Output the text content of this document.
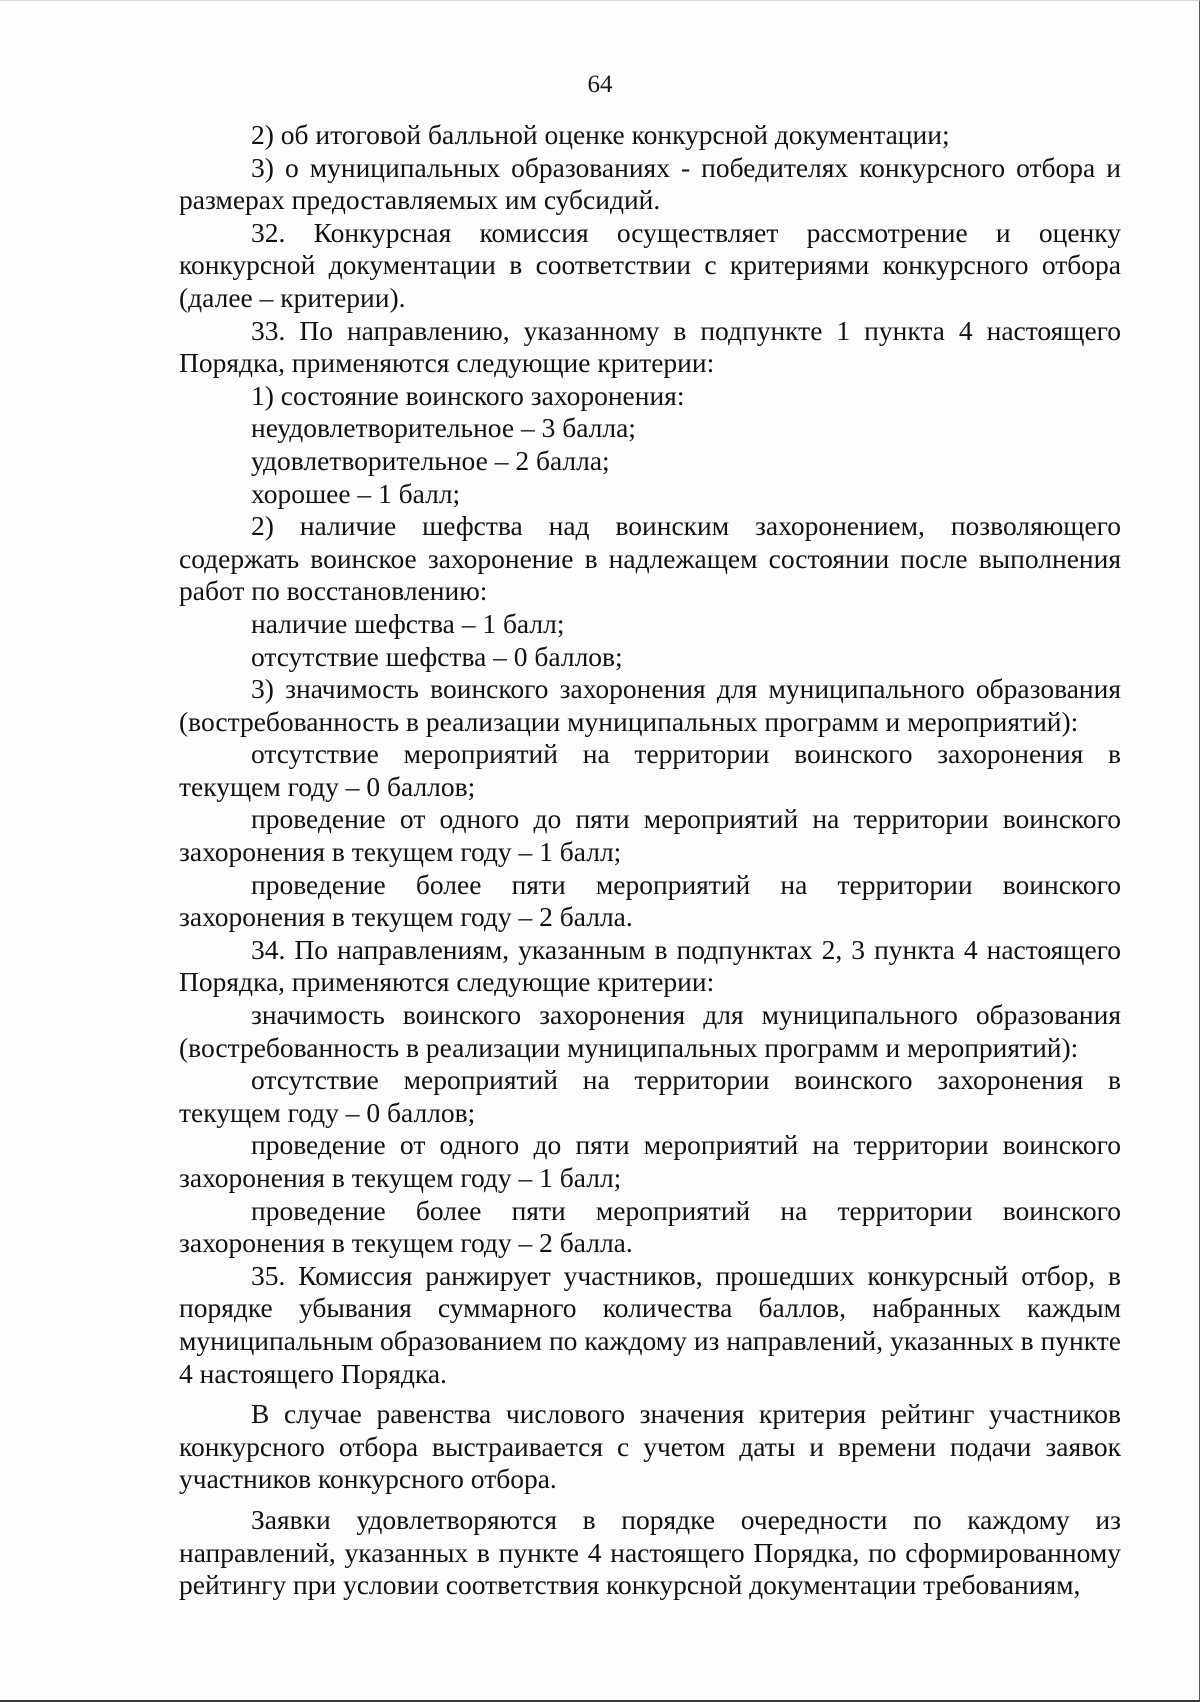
64

2) об итоговой балльной оценке конкурсной документации;

3) о муниципальных образованиях - победителях конкурсного отбора и размерах предоставляемых им субсидий.

32. Конкурсная комиссия осуществляет рассмотрение и оценку конкурсной документации в соответствии с критериями конкурсного отбора (далее – критерии).

33. По направлению, указанному в подпункте 1 пункта 4 настоящего Порядка, применяются следующие критерии:

1) состояние воинского захоронения:

неудовлетворительное – 3 балла;

удовлетворительное – 2 балла;

хорошее – 1 балл;

2) наличие шефства над воинским захоронением, позволяющего содержать воинское захоронение в надлежащем состоянии после выполнения работ по восстановлению:

наличие шефства – 1 балл;

отсутствие шефства – 0 баллов;

3) значимость воинского захоронения для муниципального образования (востребованность в реализации муниципальных программ и мероприятий):

отсутствие мероприятий на территории воинского захоронения в текущем году – 0 баллов;

проведение от одного до пяти мероприятий на территории воинского захоронения в текущем году – 1 балл;

проведение более пяти мероприятий на территории воинского захоронения в текущем году – 2 балла.

34. По направлениям, указанным в подпунктах 2, 3 пункта 4 настоящего Порядка, применяются следующие критерии:

значимость воинского захоронения для муниципального образования (востребованность в реализации муниципальных программ и мероприятий):

отсутствие мероприятий на территории воинского захоронения в текущем году – 0 баллов;

проведение от одного до пяти мероприятий на территории воинского захоронения в текущем году – 1 балл;

проведение более пяти мероприятий на территории воинского захоронения в текущем году – 2 балла.

35. Комиссия ранжирует участников, прошедших конкурсный отбор, в порядке убывания суммарного количества баллов, набранных каждым муниципальным образованием по каждому из направлений, указанных в пункте 4 настоящего Порядка.

В случае равенства числового значения критерия рейтинг участников конкурсного отбора выстраивается с учетом даты и времени подачи заявок участников конкурсного отбора.

Заявки удовлетворяются в порядке очередности по каждому из направлений, указанных в пункте 4 настоящего Порядка, по сформированному рейтингу при условии соответствия конкурсной документации требованиям,
